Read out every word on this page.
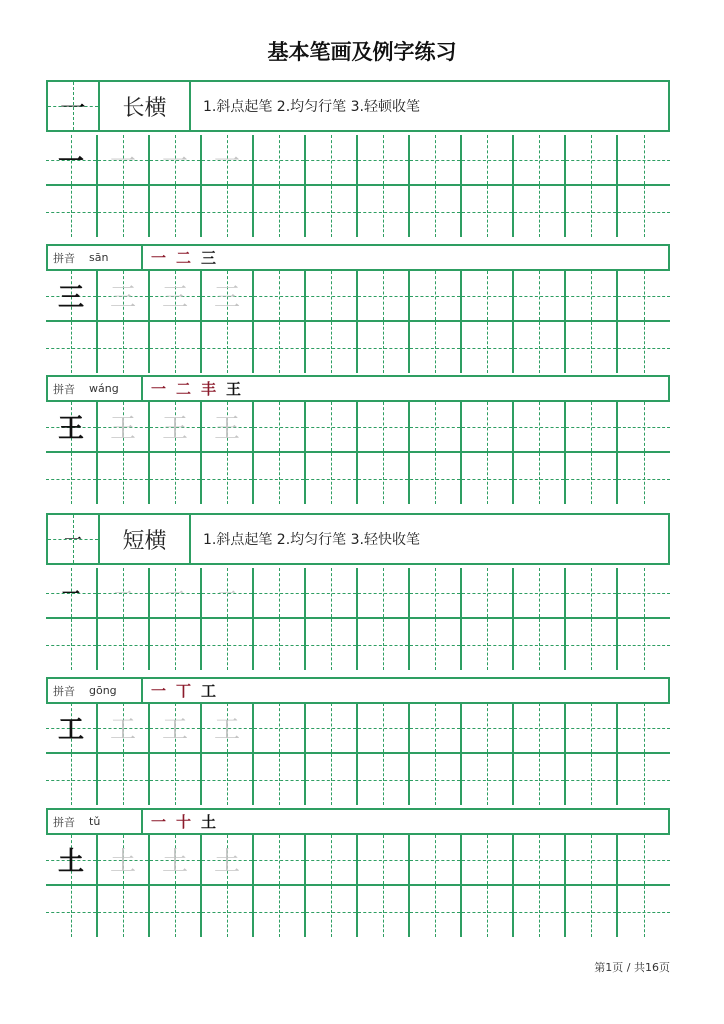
基本笔画及例字练习
一	长横	1.斜点起笔 2.均匀行笔 3.轻顿收笔
一 一 一 一
拼音 sān	一 二 三
三 三 三 三
拼音 wáng 一 二 丰 王
王 王 王 王
一	短横	1.斜点起笔 2.均匀行笔 3.轻快收笔
一 一 一 一
拼音 gōng 一 丅 工
工 工 工 工
拼音 tǔ	一 十 土
土 土 土 土
第1页 / 共16页
